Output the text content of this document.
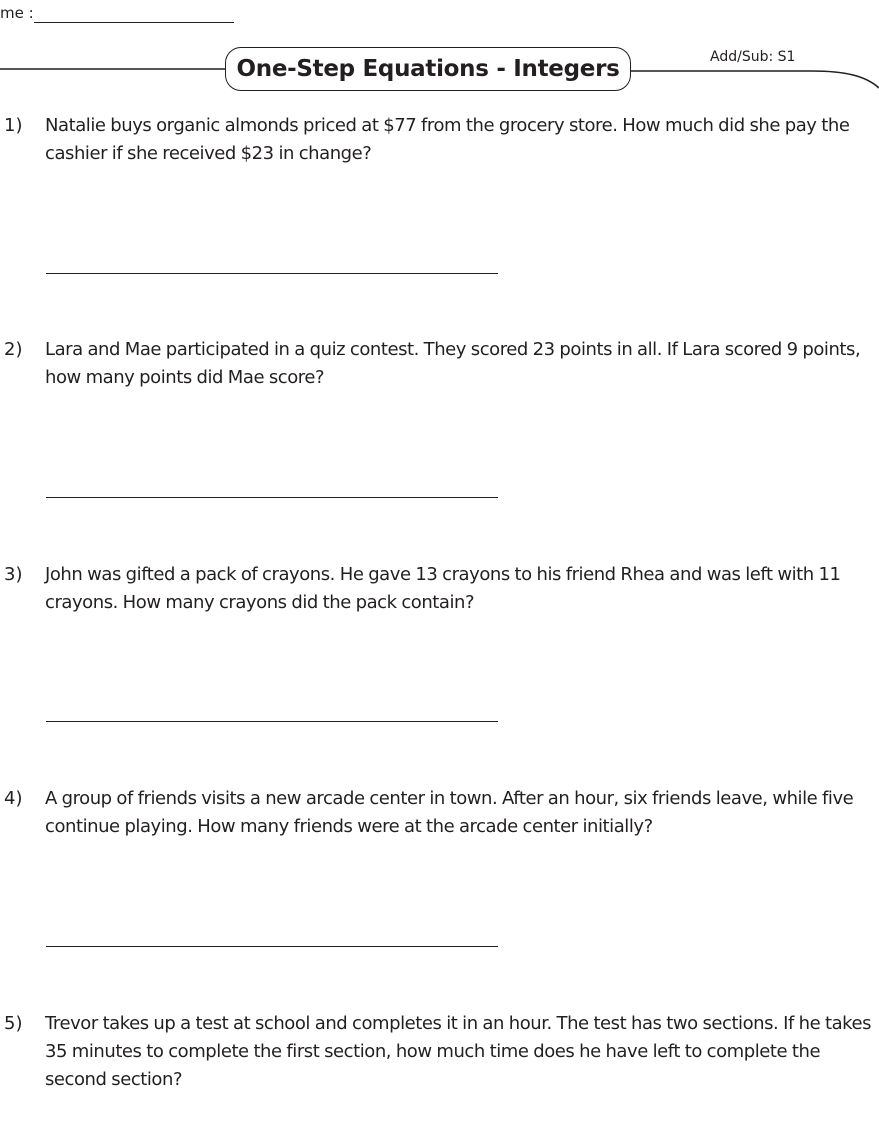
me :
One-Step Equations - Integers	Add/Sub: S1
1) Natalie buys organic almonds priced at $77 from the grocery store. How much did she pay the cashier if she received $23 in change?
2) Lara and Mae participated in a quiz contest. They scored 23 points in all. If Lara scored 9 points, how many points did Mae score?
3) John was gifted a pack of crayons. He gave 13 crayons to his friend Rhea and was left with 11 crayons. How many crayons did the pack contain?
4) A group of friends visits a new arcade center in town. After an hour, six friends leave, while five continue playing. How many friends were at the arcade center initially?
5) Trevor takes up a test at school and completes it in an hour. The test has two sections. If he takes 35 minutes to complete the first section, how much time does he have left to complete the second section?
